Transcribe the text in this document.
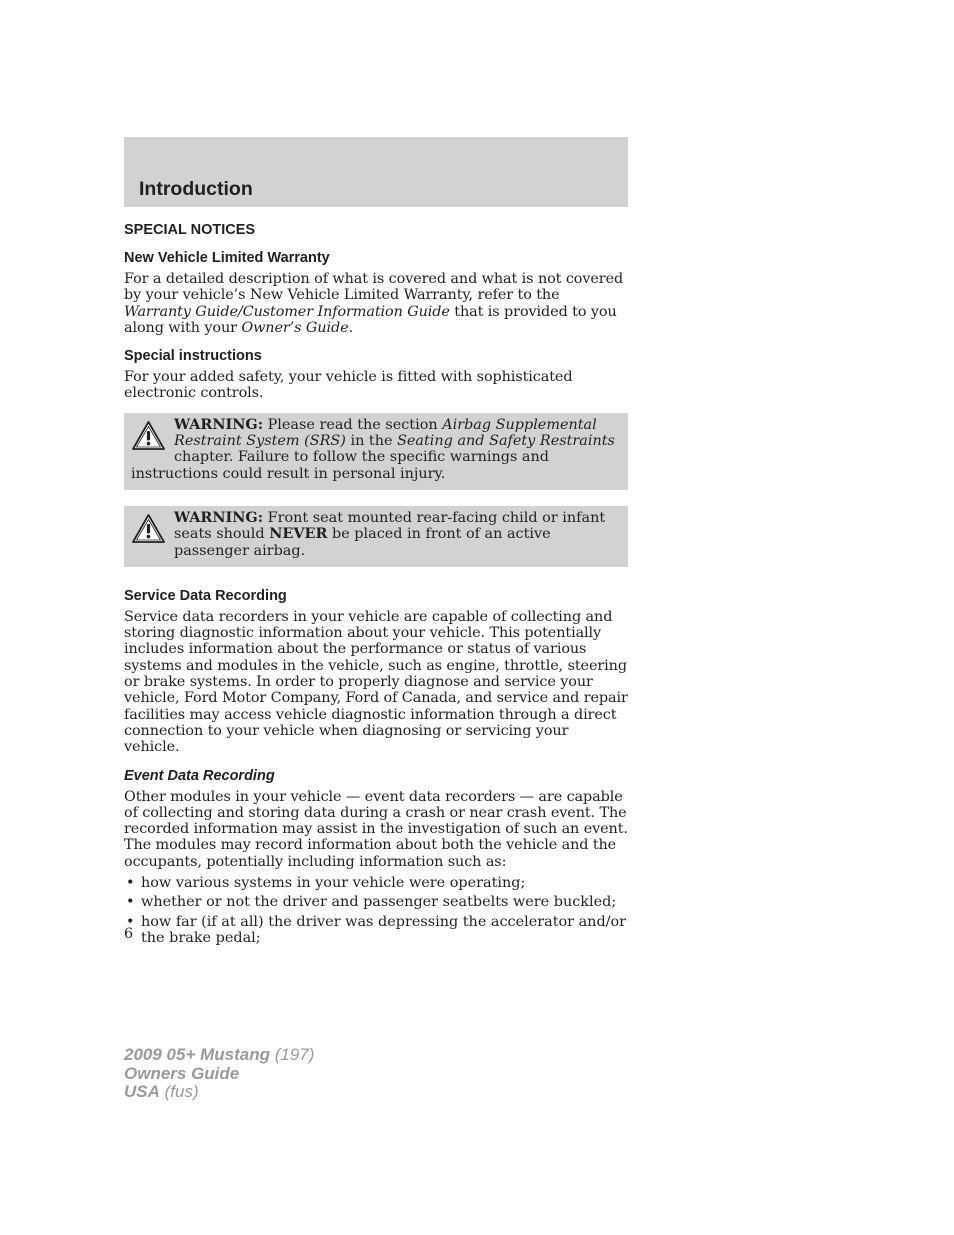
Introduction
SPECIAL NOTICES
New Vehicle Limited Warranty

For a detailed description of what is covered and what is not covered by your vehicle’s New Vehicle Limited Warranty, refer to the Warranty Guide/Customer Information Guide that is provided to you along with your Owner’s Guide.

Special instructions

For your added safety, your vehicle is fitted with sophisticated electronic controls.

WARNING: Please read the section Airbag Supplemental Restraint System (SRS) in the Seating and Safety Restraints chapter. Failure to follow the specific warnings and instructions could result in personal injury.
WARNING: Front seat mounted rear-facing child or infant seats should NEVER be placed in front of an active passenger airbag.
Service Data Recording

Service data recorders in your vehicle are capable of collecting and storing diagnostic information about your vehicle. This potentially includes information about the performance or status of various systems and modules in the vehicle, such as engine, throttle, steering or brake systems. In order to properly diagnose and service your vehicle, Ford Motor Company, Ford of Canada, and service and repair facilities may access vehicle diagnostic information through a direct connection to your vehicle when diagnosing or servicing your vehicle.

Event Data Recording

Other modules in your vehicle — event data recorders — are capable of collecting and storing data during a crash or near crash event. The recorded information may assist in the investigation of such an event. The modules may record information about both the vehicle and the occupants, potentially including information such as:

• how various systems in your vehicle were operating;
• whether or not the driver and passenger seatbelts were buckled;
• how far (if at all) the driver was depressing the accelerator and/or the brake pedal;
6
2009 05+ Mustang (197)
Owners Guide
USA (fus)
